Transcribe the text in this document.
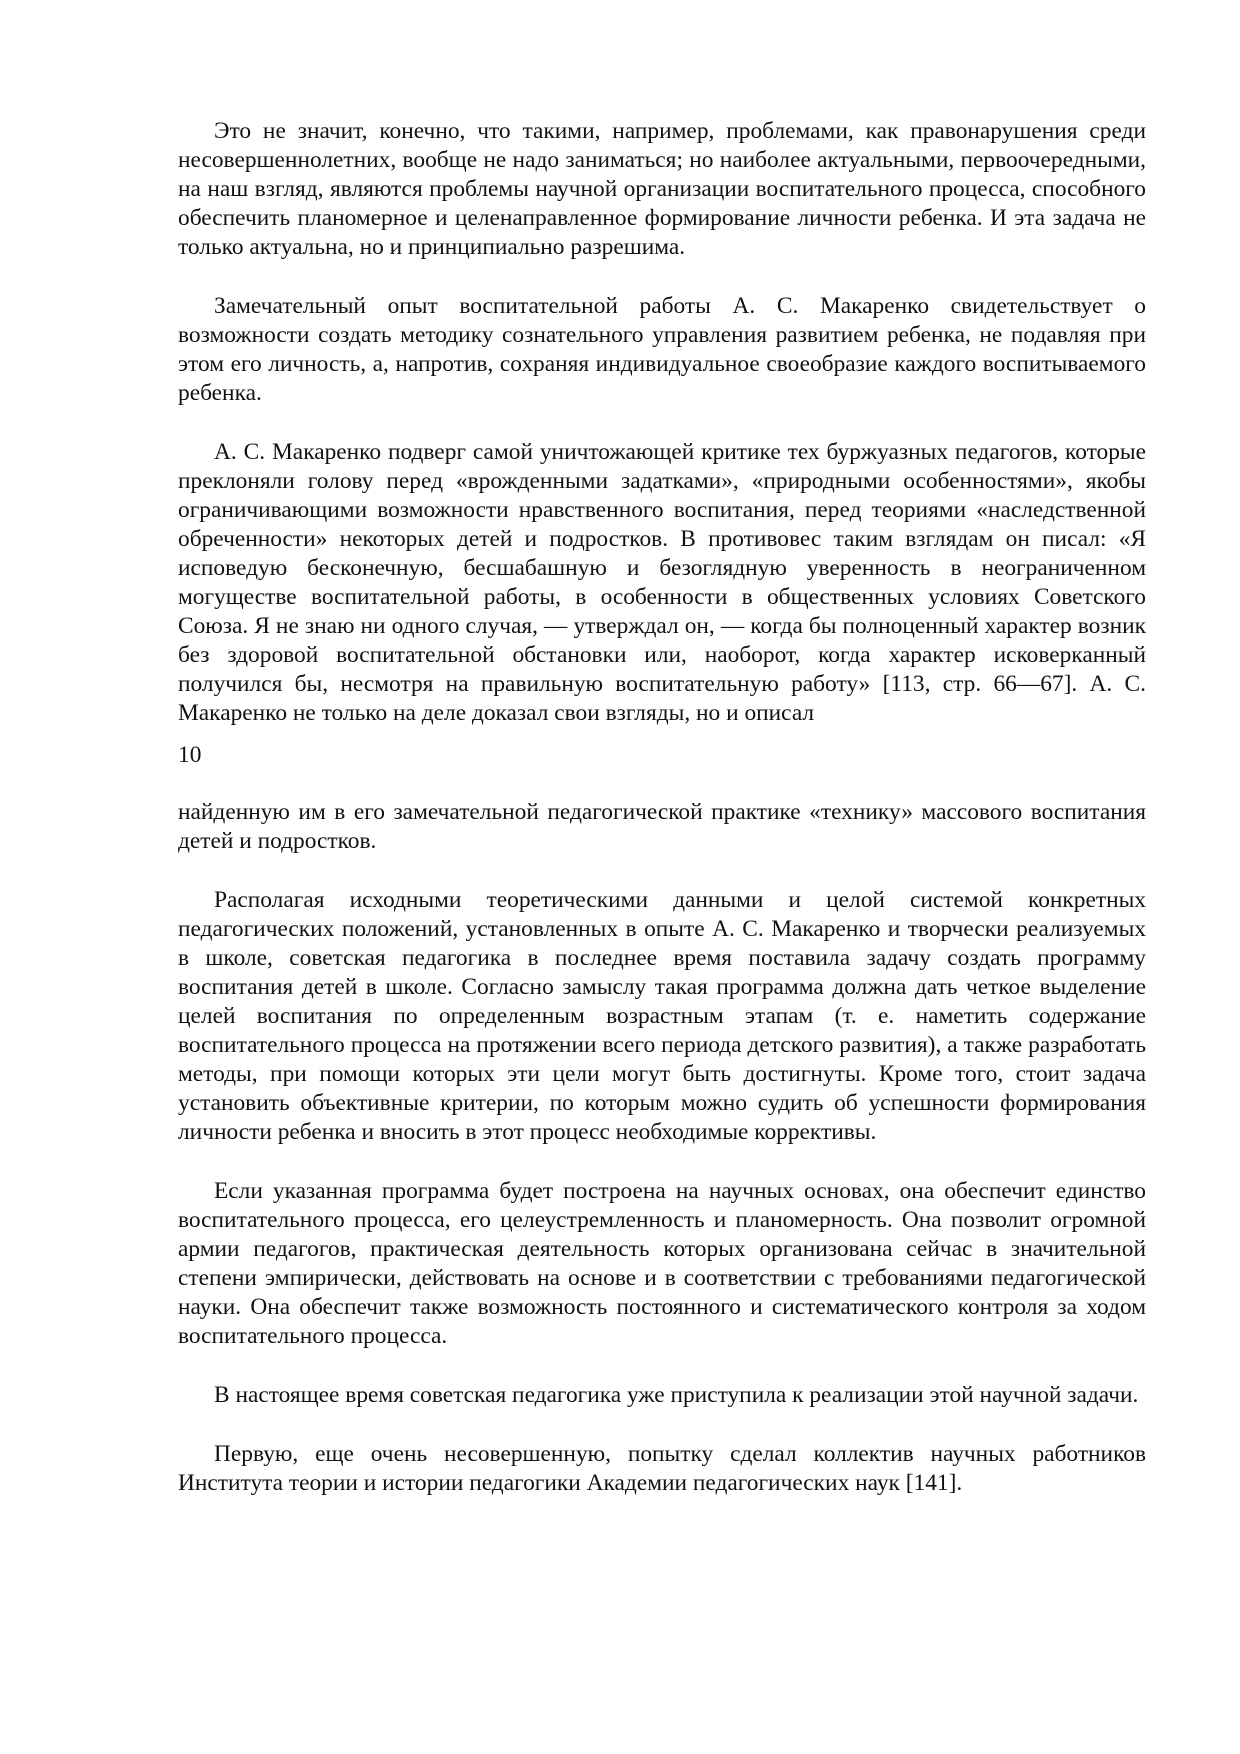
Это не значит, конечно, что такими, например, проблемами, как правонарушения среди несовершеннолетних, вообще не надо заниматься; но наиболее актуальными, первоочередными, на наш взгляд, являются проблемы научной организации воспитательного процесса, способного обеспечить планомерное и целенаправленное формирование личности ребенка. И эта задача не только актуальна, но и принципиально разрешима.

Замечательный опыт воспитательной работы А. С. Макаренко свидетельствует о возможности создать методику сознательного управления развитием ребенка, не подавляя при этом его личность, а, напротив, сохраняя индивидуальное своеобразие каждого воспитываемого ребенка.

А. С. Макаренко подверг самой уничтожающей критике тех буржуазных педагогов, которые преклоняли голову перед «врожденными задатками», «природными особенностями», якобы ограничивающими возможности нравственного воспитания, перед теориями «наследственной обреченности» некоторых детей и подростков. В противовес таким взглядам он писал: «Я исповедую бесконечную, бесшабашную и безоглядную уверенность в неограниченном могуществе воспитательной работы, в особенности в общественных условиях Советского Союза. Я не знаю ни одного случая, — утверждал он, — когда бы полноценный характер возник без здоровой воспитательной обстановки или, наоборот, когда характер исковерканный получился бы, несмотря на правильную воспитательную работу» [113, стр. 66—67]. А. С. Макаренко не только на деле доказал свои взгляды, но и описал

10

найденную им в его замечательной педагогической практике «технику» массового воспитания детей и подростков.

Располагая исходными теоретическими данными и целой системой конкретных педагогических положений, установленных в опыте А. С. Макаренко и творчески реализуемых в школе, советская педагогика в последнее время поставила задачу создать программу воспитания детей в школе. Согласно замыслу такая программа должна дать четкое выделение целей воспитания по определенным возрастным этапам (т. е. наметить содержание воспитательного процесса на протяжении всего периода детского развития), а также разработать методы, при помощи которых эти цели могут быть достигнуты. Кроме того, стоит задача установить объективные критерии, по которым можно судить об успешности формирования личности ребенка и вносить в этот процесс необходимые коррективы.

Если указанная программа будет построена на научных основах, она обеспечит единство воспитательного процесса, его целеустремленность и планомерность. Она позволит огромной армии педагогов, практическая деятельность которых организована сейчас в значительной степени эмпирически, действовать на основе и в соответствии с требованиями педагогической науки. Она обеспечит также возможность постоянного и систематического контроля за ходом воспитательного процесса.

В настоящее время советская педагогика уже приступила к реализации этой научной задачи.

Первую, еще очень несовершенную, попытку сделал коллектив научных работников Института теории и истории педагогики Академии педагогических наук [141].
